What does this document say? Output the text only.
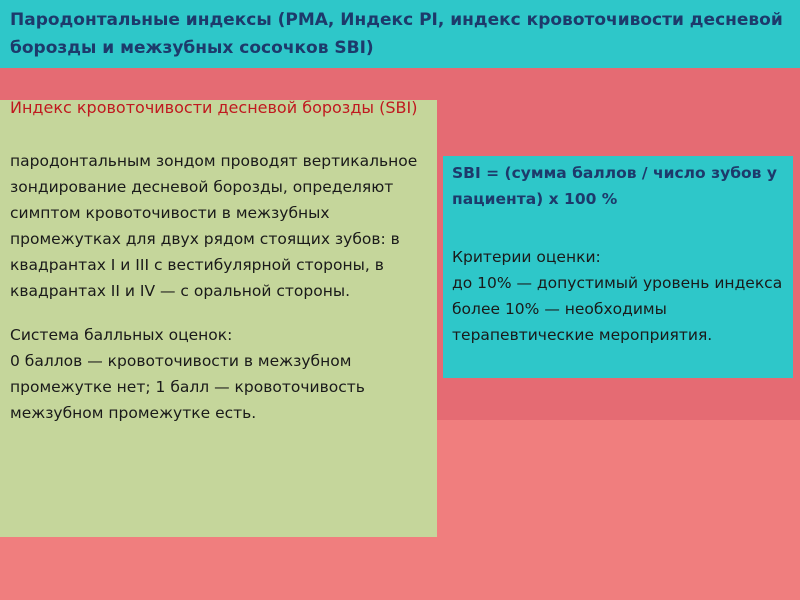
Пародонтальные индексы (РМА, Индекс PI, индекс кровоточивости десневой борозды и межзубных сосочков SBI)
Индекс кровоточивости десневой борозды (SBI)

пародонтальным зондом проводят вертикальное зондирование десневой борозды, определяют симптом кровоточивости в межзубных промежутках для двух рядом стоящих зубов: в квадрантах I и III с вестибулярной стороны, в квадрантах II и IV — с оральной стороны.

Система балльных оценок:

0 баллов — кровоточивости в межзубном промежутке нет; 1 балл — кровоточивость межзубном промежутке есть.

SBI = (сумма баллов / число зубов у пациента) х 100 %

Критерии оценки:

до 10% — допустимый уровень индекса

более 10% — необходимы терапевтические мероприятия.
